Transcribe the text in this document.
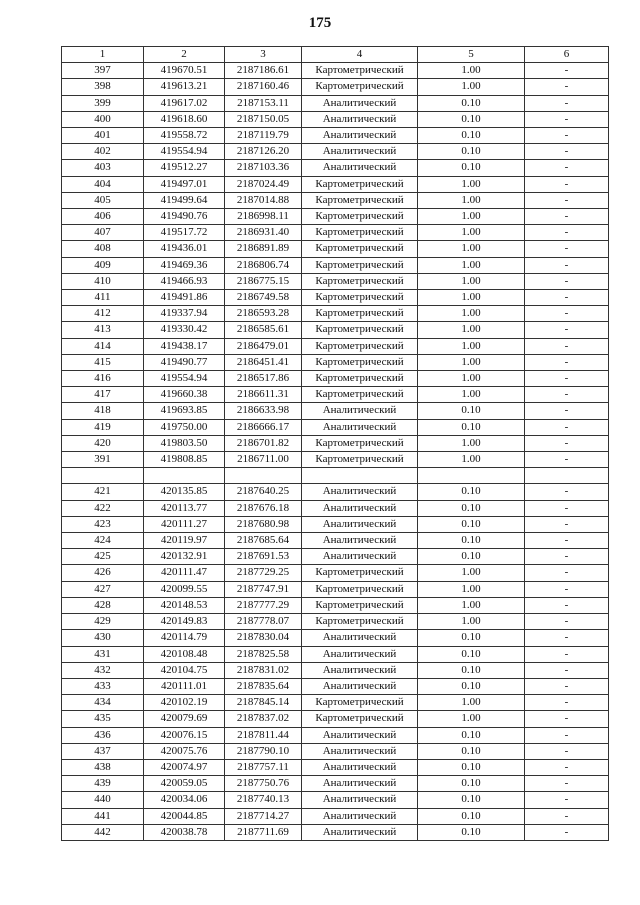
175
1	2	3	4	5	6
397	419670.51	2187186.61	Картометрический	1.00	-
398	419613.21	2187160.46	Картометрический	1.00	-
399	419617.02	2187153.11	Аналитический	0.10	-
400	419618.60	2187150.05	Аналитический	0.10	-
401	419558.72	2187119.79	Аналитический	0.10	-
402	419554.94	2187126.20	Аналитический	0.10	-
403	419512.27	2187103.36	Аналитический	0.10	-
404	419497.01	2187024.49	Картометрический	1.00	-
405	419499.64	2187014.88	Картометрический	1.00	-
406	419490.76	2186998.11	Картометрический	1.00	-
407	419517.72	2186931.40	Картометрический	1.00	-
408	419436.01	2186891.89	Картометрический	1.00	-
409	419469.36	2186806.74	Картометрический	1.00	-
410	419466.93	2186775.15	Картометрический	1.00	-
411	419491.86	2186749.58	Картометрический	1.00	-
412	419337.94	2186593.28	Картометрический	1.00	-
413	419330.42	2186585.61	Картометрический	1.00	-
414	419438.17	2186479.01	Картометрический	1.00	-
415	419490.77	2186451.41	Картометрический	1.00	-
416	419554.94	2186517.86	Картометрический	1.00	-
417	419660.38	2186611.31	Картометрический	1.00	-
418	419693.85	2186633.98	Аналитический	0.10	-
419	419750.00	2186666.17	Аналитический	0.10	-
420	419803.50	2186701.82	Картометрический	1.00	-
391	419808.85	2186711.00	Картометрический	1.00	-

421	420135.85	2187640.25	Аналитический	0.10	-
422	420113.77	2187676.18	Аналитический	0.10	-
423	420111.27	2187680.98	Аналитический	0.10	-
424	420119.97	2187685.64	Аналитический	0.10	-
425	420132.91	2187691.53	Аналитический	0.10	-
426	420111.47	2187729.25	Картометрический	1.00	-
427	420099.55	2187747.91	Картометрический	1.00	-
428	420148.53	2187777.29	Картометрический	1.00	-
429	420149.83	2187778.07	Картометрический	1.00	-
430	420114.79	2187830.04	Аналитический	0.10	-
431	420108.48	2187825.58	Аналитический	0.10	-
432	420104.75	2187831.02	Аналитический	0.10	-
433	420111.01	2187835.64	Аналитический	0.10	-
434	420102.19	2187845.14	Картометрический	1.00	-
435	420079.69	2187837.02	Картометрический	1.00	-
436	420076.15	2187811.44	Аналитический	0.10	-
437	420075.76	2187790.10	Аналитический	0.10	-
438	420074.97	2187757.11	Аналитический	0.10	-
439	420059.05	2187750.76	Аналитический	0.10	-
440	420034.06	2187740.13	Аналитический	0.10	-
441	420044.85	2187714.27	Аналитический	0.10	-
442	420038.78	2187711.69	Аналитический	0.10	-
